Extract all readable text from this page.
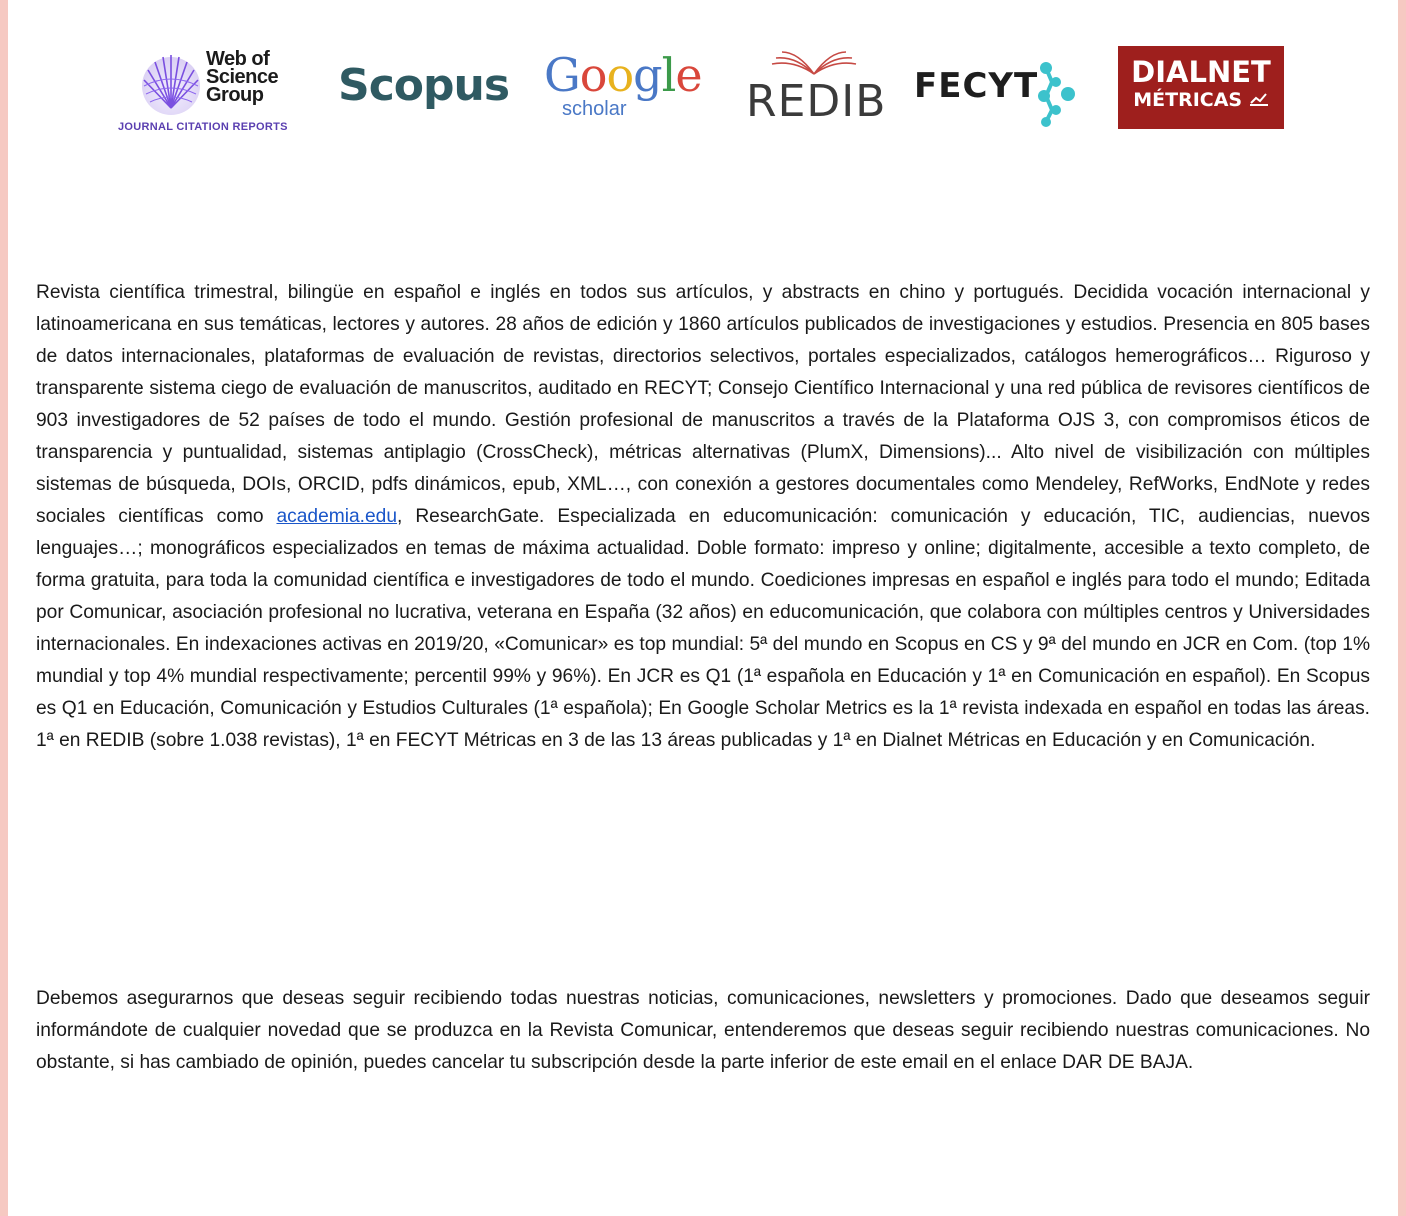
Web of
Science
Group
JOURNAL CITATION REPORTS
Scopus Google
scholar	REDIB FECYT	DIALNET
MÉTRICAS

Revista científica trimestral, bilingüe en español e inglés en todos sus artículos, y abstracts en chino y portugués. Decidida vocación internacional y latinoamericana en sus temáticas, lectores y autores. 28 años de edición y 1860 artículos publicados de investigaciones y estudios. Presencia en 805 bases de datos internacionales, plataformas de evaluación de revistas, directorios selectivos, portales especializados, catálogos hemerográficos… Riguroso y transparente sistema ciego de evaluación de manuscritos, auditado en RECYT; Consejo Científico Internacional y una red pública de revisores científicos de 903 investigadores de 52 países de todo el mundo. Gestión profesional de manuscritos a través de la Plataforma OJS 3, con compromisos éticos de transparencia y puntualidad, sistemas antiplagio (CrossCheck), métricas alternativas (PlumX, Dimensions)... Alto nivel de visibilización con múltiples sistemas de búsqueda, DOIs, ORCID, pdfs dinámicos, epub, XML…, con conexión a gestores documentales como Mendeley, RefWorks, EndNote y redes sociales científicas como academia.edu, ResearchGate. Especializada en educomunicación: comunicación y educación, TIC, audiencias, nuevos lenguajes…; monográficos especializados en temas de máxima actualidad. Doble formato: impreso y online; digitalmente, accesible a texto completo, de forma gratuita, para toda la comunidad científica e investigadores de todo el mundo. Coediciones impresas en español e inglés para todo el mundo; Editada por Comunicar, asociación profesional no lucrativa, veterana en España (32 años) en educomunicación, que colabora con múltiples centros y Universidades internacionales. En indexaciones activas en 2019/20, «Comunicar» es top mundial: 5ª del mundo en Scopus en CS y 9ª del mundo en JCR en Com. (top 1% mundial y top 4% mundial respectivamente; percentil 99% y 96%). En JCR es Q1 (1ª española en Educación y 1ª en Comunicación en español). En Scopus es Q1 en Educación, Comunicación y Estudios Culturales (1ª española); En Google Scholar Metrics es la 1ª revista indexada en español en todas las áreas. 1ª en REDIB (sobre 1.038 revistas), 1ª en FECYT Métricas en 3 de las 13 áreas publicadas y 1ª en Dialnet Métricas en Educación y en Comunicación.

Debemos asegurarnos que deseas seguir recibiendo todas nuestras noticias, comunicaciones, newsletters y promociones. Dado que deseamos seguir informándote de cualquier novedad que se produzca en la Revista Comunicar, entenderemos que deseas seguir recibiendo nuestras comunicaciones. No obstante, si has cambiado de opinión, puedes cancelar tu subscripción desde la parte inferior de este email en el enlace DAR DE BAJA.
